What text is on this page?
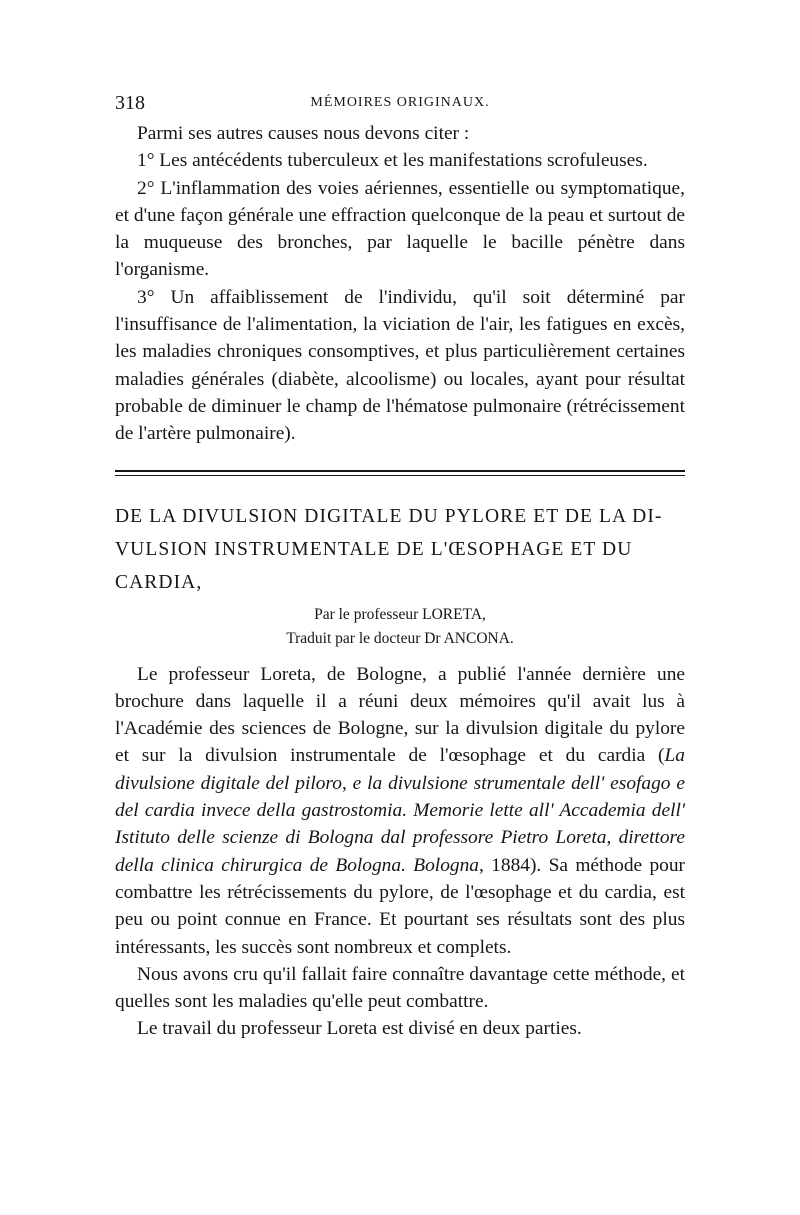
318	MÉMOIRES ORIGINAUX.

Parmi ses autres causes nous devons citer :

1° Les antécédents tuberculeux et les manifestations scrofuleuses.

2° L'inflammation des voies aériennes, essentielle ou symptomatique, et d'une façon générale une effraction quelconque de la peau et surtout de la muqueuse des bronches, par laquelle le bacille pénètre dans l'organisme.

3° Un affaiblissement de l'individu, qu'il soit déterminé par l'insuffisance de l'alimentation, la viciation de l'air, les fatigues en excès, les maladies chroniques consomptives, et plus particulièrement certaines maladies générales (diabète, alcoolisme) ou locales, ayant pour résultat probable de diminuer le champ de l'hématose pulmonaire (rétrécissement de l'artère pulmonaire).

DE LA DIVULSION DIGITALE DU PYLORE ET DE LA DI-

VULSION INSTRUMENTALE DE L'ŒSOPHAGE ET DU

CARDIA,

Par le professeur LORETA,

Traduit par le docteur Dr ANCONA.

Le professeur Loreta, de Bologne, a publié l'année dernière une brochure dans laquelle il a réuni deux mémoires qu'il avait lus à l'Académie des sciences de Bologne, sur la divulsion digitale du pylore et sur la divulsion instrumentale de l'œsophage et du cardia (La divulsione digitale del piloro, e la divulsione strumentale dell' esofago e del cardia invece della gastrostomia. Memorie lette all' Accademia dell' Istituto delle scienze di Bologna dal professore Pietro Loreta, direttore della clinica chirurgica de Bologna. Bologna, 1884). Sa méthode pour combattre les rétrécissements du pylore, de l'œsophage et du cardia, est peu ou point connue en France. Et pourtant ses résultats sont des plus intéressants, les succès sont nombreux et complets.

Nous avons cru qu'il fallait faire connaître davantage cette méthode, et quelles sont les maladies qu'elle peut combattre.

Le travail du professeur Loreta est divisé en deux parties.
